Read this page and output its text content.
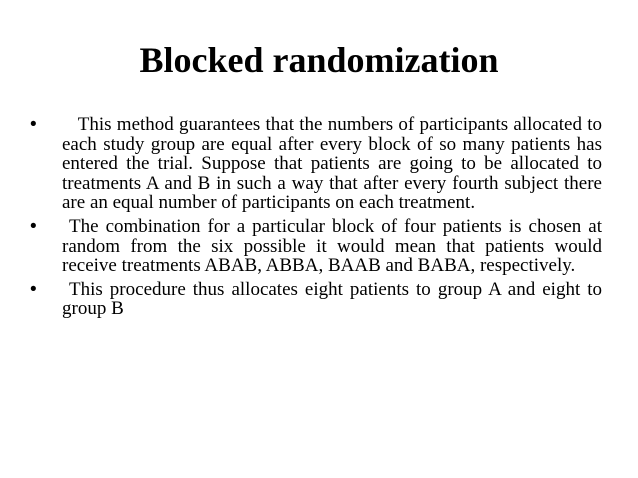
Blocked randomization
• This method guarantees that the numbers of participants allocated to each study group are equal after every block of so many patients has entered the trial. Suppose that patients are going to be allocated to treatments A and B in such a way that after every fourth subject there are an equal number of participants on each treatment.
• The combination for a particular block of four patients is chosen at random from the six possible it would mean that patients would receive treatments ABAB, ABBA, BAAB and BABA, respectively.
• This procedure thus allocates eight patients to group A and eight to group B
